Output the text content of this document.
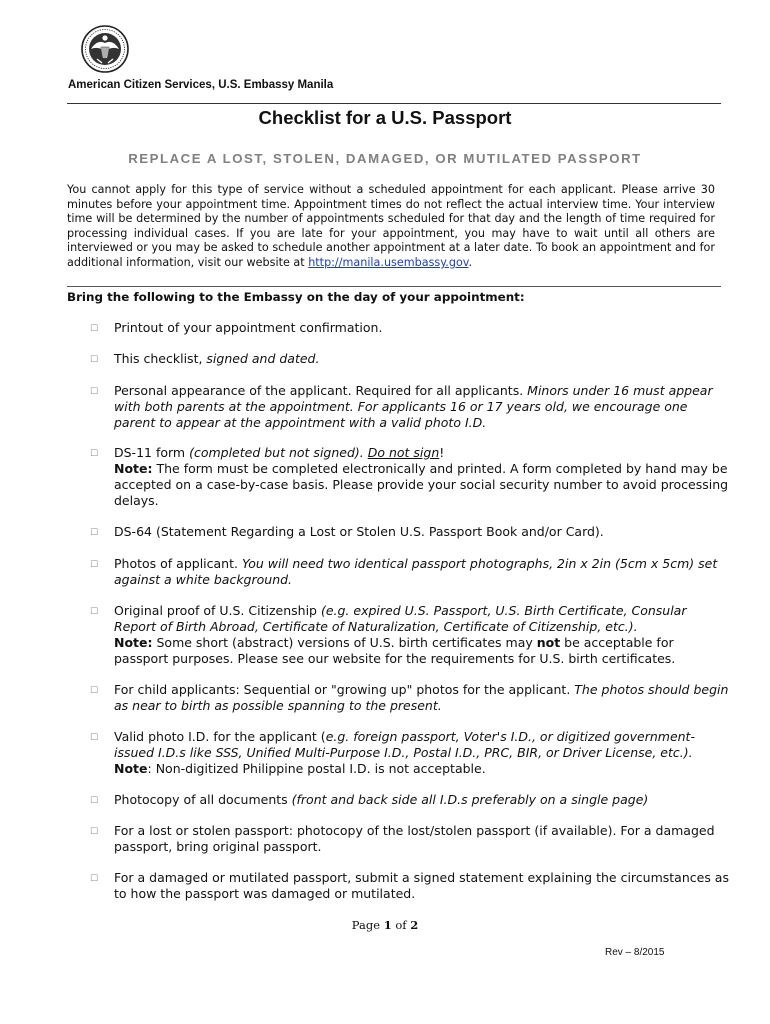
American Citizen Services, U.S. Embassy Manila
Checklist for a U.S. Passport
REPLACE A LOST, STOLEN, DAMAGED, OR MUTILATED PASSPORT
You cannot apply for this type of service without a scheduled appointment for each applicant. Please arrive 30 minutes before your appointment time. Appointment times do not reflect the actual interview time. Your interview time will be determined by the number of appointments scheduled for that day and the length of time required for processing individual cases. If you are late for your appointment, you may have to wait until all others are interviewed or you may be asked to schedule another appointment at a later date. To book an appointment and for additional information, visit our website at http://manila.usembassy.gov.
Bring the following to the Embassy on the day of your appointment:
☐	Printout of your appointment confirmation.
☐	This checklist, signed and dated.
☐	Personal appearance of the applicant. Required for all applicants. Minors under 16 must appear with both parents at the appointment. For applicants 16 or 17 years old, we encourage one parent to appear at the appointment with a valid photo I.D.
☐	DS-11 form (completed but not signed). Do not sign!
Note: The form must be completed electronically and printed. A form completed by hand may be accepted on a case-by-case basis. Please provide your social security number to avoid processing delays.
☐	DS-64 (Statement Regarding a Lost or Stolen U.S. Passport Book and/or Card).
☐	Photos of applicant. You will need two identical passport photographs, 2in x 2in (5cm x 5cm) set against a white background.
☐	Original proof of U.S. Citizenship (e.g. expired U.S. Passport, U.S. Birth Certificate, Consular Report of Birth Abroad, Certificate of Naturalization, Certificate of Citizenship, etc.).
Note: Some short (abstract) versions of U.S. birth certificates may not be acceptable for passport purposes. Please see our website for the requirements for U.S. birth certificates.
☐	For child applicants: Sequential or "growing up" photos for the applicant. The photos should begin as near to birth as possible spanning to the present.
☐	Valid photo I.D. for the applicant (e.g. foreign passport, Voter's I.D., or digitized government-issued I.D.s like SSS, Unified Multi-Purpose I.D., Postal I.D., PRC, BIR, or Driver License, etc.).
Note: Non-digitized Philippine postal I.D. is not acceptable.
☐	Photocopy of all documents (front and back side all I.D.s preferably on a single page)
☐	For a lost or stolen passport: photocopy of the lost/stolen passport (if available). For a damaged passport, bring original passport.
☐	For a damaged or mutilated passport, submit a signed statement explaining the circumstances as to how the passport was damaged or mutilated.
Page 1 of 2
Rev – 8/2015
